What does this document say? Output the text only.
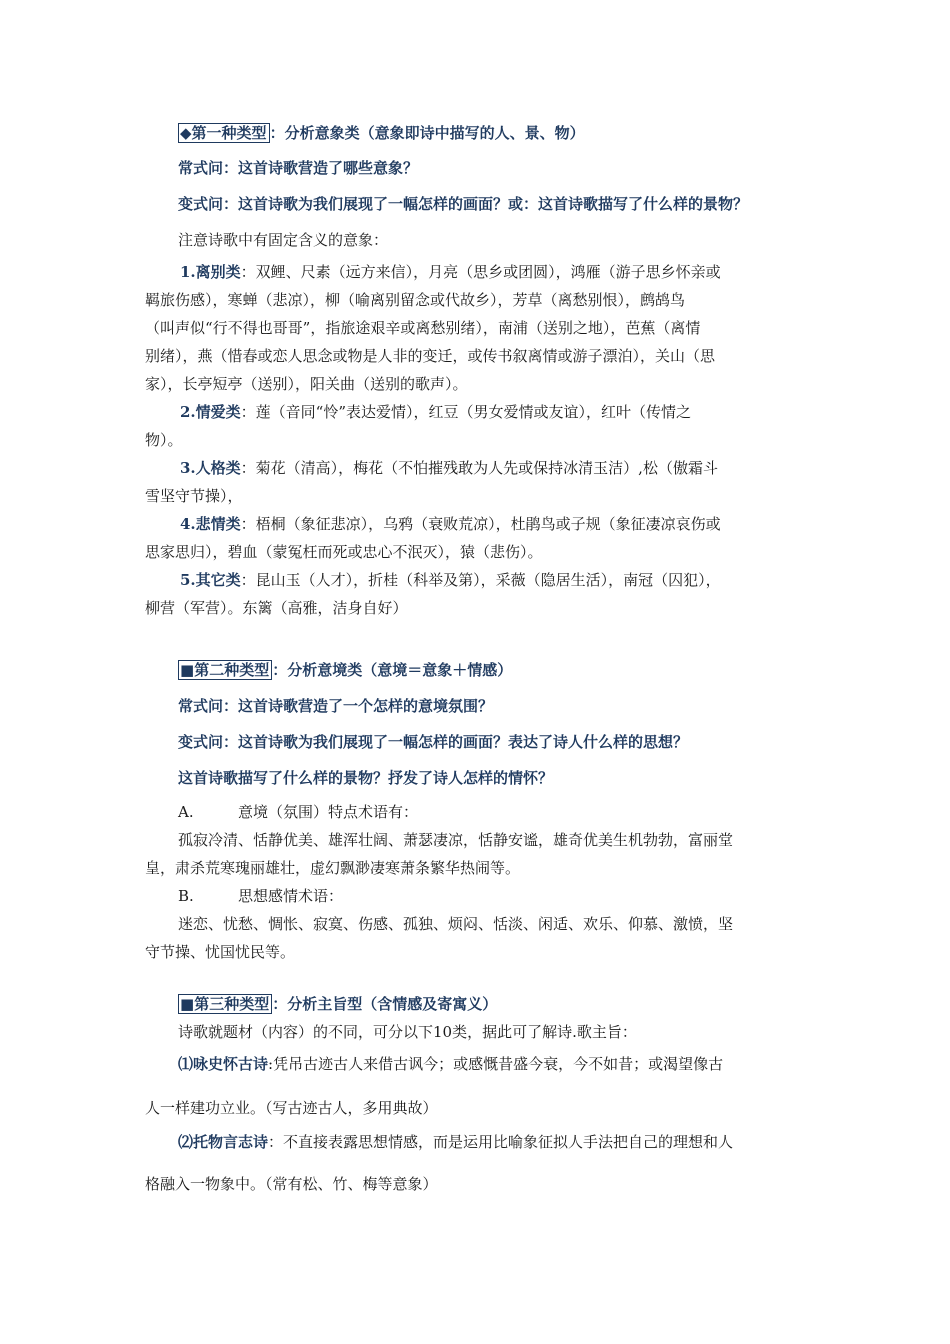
◆第一种类型 ：分析意象类（意象即诗中描写的人、景、物）
常式问：这首诗歌营造了哪些意象？
变式问：这首诗歌为我们展现了一幅怎样的画面？或：这首诗歌描写了什么样的景物？
注意诗歌中有固定含义的意象：
1.离别类：双鲤、尺素（远方来信），月亮（思乡或团圆），鸿雁（游子思乡怀亲或
羁旅伤感），寒蝉（悲凉），柳（喻离别留念或代故乡），芳草（离愁别恨），鹧鸪鸟
（叫声似“行不得也哥哥”，指旅途艰辛或离愁别绪），南浦（送别之地），芭蕉（离情
别绪），燕（惜春或恋人思念或物是人非的变迁，或传书叙离情或游子漂泊），关山（思
家），长亭短亭（送别），阳关曲（送别的歌声）。
2.情爱类：莲（音同“怜”表达爱情），红豆（男女爱情或友谊），红叶（传情之
物）。
3.人格类：菊花（清高），梅花（不怕摧残敢为人先或保持冰清玉洁）,松（傲霜斗
雪坚守节操），
4.悲情类：梧桐（象征悲凉），乌鸦（衰败荒凉），杜鹃鸟或子规（象征凄凉哀伤或
思家思归），碧血（蒙冤枉而死或忠心不泯灭），猿（悲伤）。
5.其它类：昆山玉（人才），折桂（科举及第），采薇（隐居生活），南冠（囚犯），
柳营（军营）。东篱（高雅，洁身自好）
■第二种类型 ：分析意境类（意境＝意象＋情感）
常式问：这首诗歌营造了一个怎样的意境氛围？
变式问：这首诗歌为我们展现了一幅怎样的画面？表达了诗人什么样的思想？
这首诗歌描写了什么样的景物？抒发了诗人怎样的情怀？
A.	意境（氛围）特点术语有：
孤寂冷清、恬静优美、雄浑壮阔、萧瑟凄凉，恬静安谧，雄奇优美生机勃勃，富丽堂
皇，肃杀荒寒瑰丽雄壮，虚幻飘渺凄寒萧条繁华热闹等。
B.	思想感情术语：
迷恋、忧愁、惆怅、寂寞、伤感、孤独、烦闷、恬淡、闲适、欢乐、仰慕、激愤，坚
守节操、忧国忧民等。
■第三种类型 ：分析主旨型（含情感及寄寓义）
诗歌就题材（内容）的不同，可分以下10类，据此可了解诗.歌主旨：
⑴咏史怀古诗:凭吊古迹古人来借古讽今；或感慨昔盛今衰，今不如昔；或渴望像古
人一样建功立业。（写古迹古人，多用典故）
⑵托物言志诗：不直接表露思想情感，而是运用比喻象征拟人手法把自己的理想和人
格融入一物象中。（常有松、竹、梅等意象）
